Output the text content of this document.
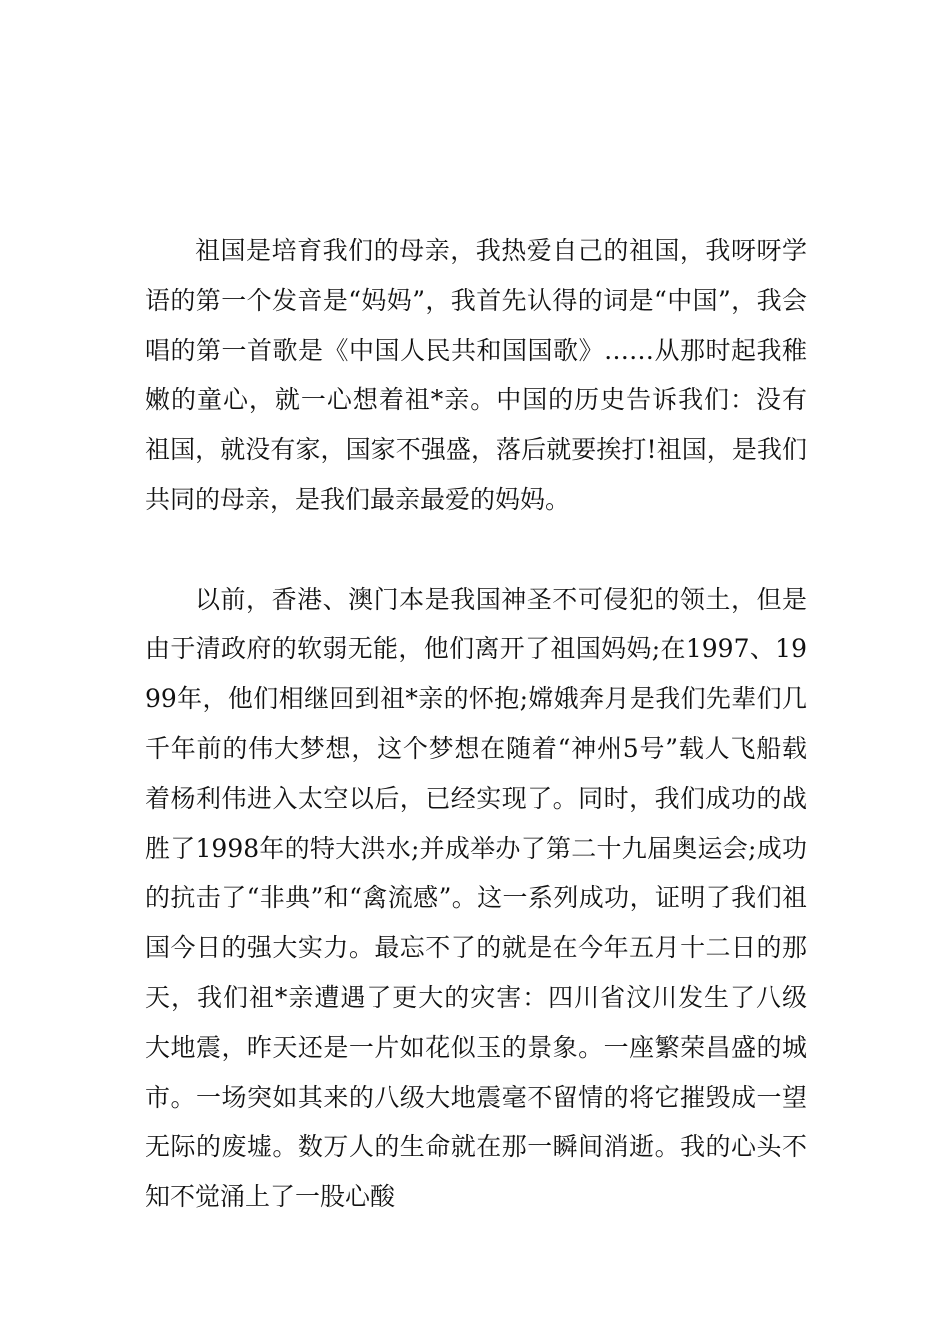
祖国是培育我们的母亲，我热爱自己的祖国，我呀呀学语的第一个发音是“妈妈”，我首先认得的词是“中国”，我会唱的第一首歌是《中国人民共和国国歌》……从那时起我稚嫩的童心，就一心想着祖*亲。中国的历史告诉我们：没有祖国，就没有家，国家不强盛，落后就要挨打!祖国，是我们共同的母亲，是我们最亲最爱的妈妈。

以前，香港、澳门本是我国神圣不可侵犯的领土，但是由于清政府的软弱无能，他们离开了祖国妈妈;在1997、1999年，他们相继回到祖*亲的怀抱;嫦娥奔月是我们先辈们几千年前的伟大梦想，这个梦想在随着“神州5号”载人飞船载着杨利伟进入太空以后，已经实现了。同时，我们成功的战胜了1998年的特大洪水;并成举办了第二十九届奥运会;成功的抗击了“非典”和“禽流感”。这一系列成功，证明了我们祖国今日的强大实力。最忘不了的就是在今年五月十二日的那天，我们祖*亲遭遇了更大的灾害：四川省汶川发生了八级大地震，昨天还是一片如花似玉的景象。一座繁荣昌盛的城市。一场突如其来的八级大地震毫不留情的将它摧毁成一望无际的废墟。数万人的生命就在那一瞬间消逝。我的心头不知不觉涌上了一股心酸
